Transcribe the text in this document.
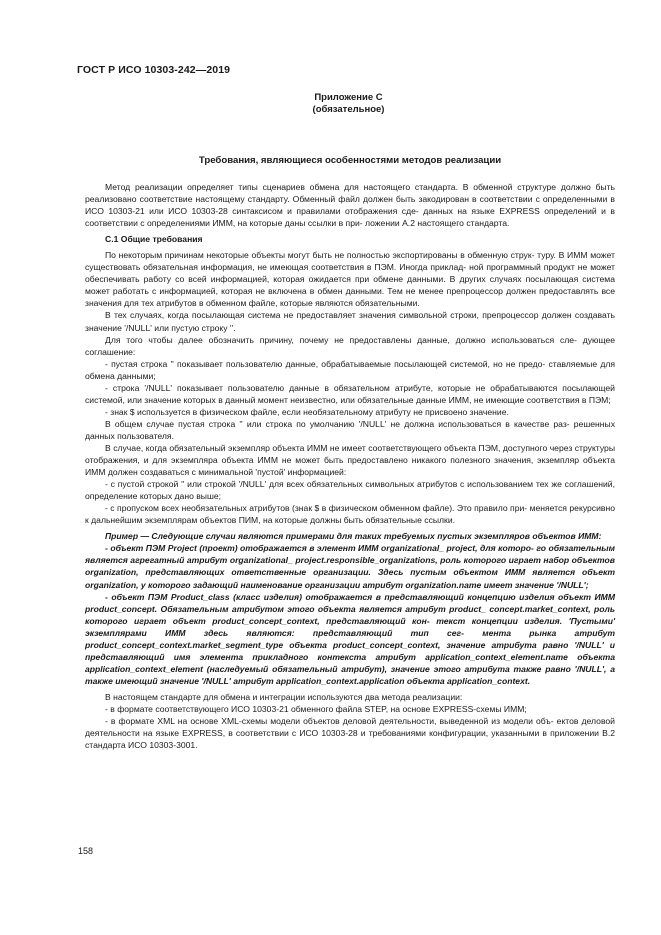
ГОСТ Р ИСО 10303-242—2019
Приложение С
(обязательное)
Требования, являющиеся особенностями методов реализации

Метод реализации определяет типы сценариев обмена для настоящего стандарта. В обменной структуре должно быть реализовано соответствие настоящему стандарту. Обменный файл должен быть закодирован в соответствии с определенными в ИСО 10303-21 или ИСО 10303-28 синтаксисом и правилами отображения сде- данных на языке EXPRESS определений и в соответствии с определениями ИММ, на которые даны ссылки в при- ложении А.2 настоящего стандарта.

С.1 Общие требования

По некоторым причинам некоторые объекты могут быть не полностью экспортированы в обменную струк- туру. В ИММ может существовать обязательная информация, не имеющая соответствия в ПЭМ. Иногда приклад- ной программный продукт не может обеспечивать работу со всей информацией, которая ожидается при обмене данными. В других случаях посылающая система может работать с информацией, которая не включена в обмен данными. Тем не менее препроцессор должен предоставлять все значения для тех атрибутов в обменном файле, которые являются обязательными.

В тех случаях, когда посылающая система не предоставляет значения символьной строки, препроцессор должен создавать значение '/NULL' или пустую строку ''.

Для того чтобы далее обозначить причину, почему не предоставлены данные, должно использоваться сле- дующее соглашение:

- пустая строка '' показывает пользователю данные, обрабатываемые посылающей системой, но не предо- ставляемые для обмена данными;

- строка '/NULL' показывает пользователю данные в обязательном атрибуте, которые не обрабатываются посылающей системой, или значение которых в данный момент неизвестно, или обязательные данные ИММ, не имеющие соответствия в ПЭМ;

- знак $ используется в физическом файле, если необязательному атрибуту не присвоено значение.

В общем случае пустая строка '' или строка по умолчанию '/NULL' не должна использоваться в качестве раз- решенных данных пользователя.

В случае, когда обязательный экземпляр объекта ИММ не имеет соответствующего объекта ПЭМ, доступного через структуры отображения, и для экземпляра объекта ИММ не может быть предоставлено никакого полезного значения, экземпляр объекта ИММ должен создаваться с минимальной 'пустой' информацией:

- с пустой строкой '' или строкой '/NULL' для всех обязательных символьных атрибутов с использованием тех же соглашений, определение которых дано выше;

- с пропуском всех необязательных атрибутов (знак $ в физическом обменном файле). Это правило при- меняется рекурсивно к дальнейшим экземплярам объектов ПИМ, на которые должны быть обязательные ссылки.

Пример — Следующие случаи являются примерами для таких требуемых пустых экземпляров объектов ИММ:

- объект ПЭМ Project (проект) отображается в элемент ИММ organizational_ project, для которо- го обязательным является агрегатный атрибут organizational_ project.responsible_organizations, роль которого играет набор объектов organization, представляющих ответственные организации. Здесь пустым объектом ИММ является объект organization, у которого задающий наименование организации атрибут organization.name имеет значение '/NULL';

- объект ПЭМ Product_class (класс изделия) отображается в представляющий концепцию изделия объект ИММ product_concept. Обязательным атрибутом этого объекта является атрибут product_ concept.market_context, роль которого играет объект product_concept_context, представляющий кон- текст концепции изделия. 'Пустыми' экземплярами ИММ здесь являются: представляющий тип сег- мента рынка атрибут product_concept_context.market_segment_type объекта product_concept_context, значение атрибута равно '/NULL' и представляющий имя элемента прикладного контекста атрибут application_context_element.name объекта application_context_element (наследуемый обязательный атрибут), значение этого атрибута также равно '/NULL', а также имеющий значение '/NULL' атрибут application_context.application объекта application_context.

В настоящем стандарте для обмена и интеграции используются два метода реализации:

- в формате соответствующего ИСО 10303-21 обменного файла STEP, на основе EXPRESS-схемы ИММ;

- в формате XML на основе XML-схемы модели объектов деловой деятельности, выведенной из модели объ- ектов деловой деятельности на языке EXPRESS, в соответствии с ИСО 10303-28 и требованиями конфигурации, указанными в приложении В.2 стандарта ИСО 10303-3001.

158
